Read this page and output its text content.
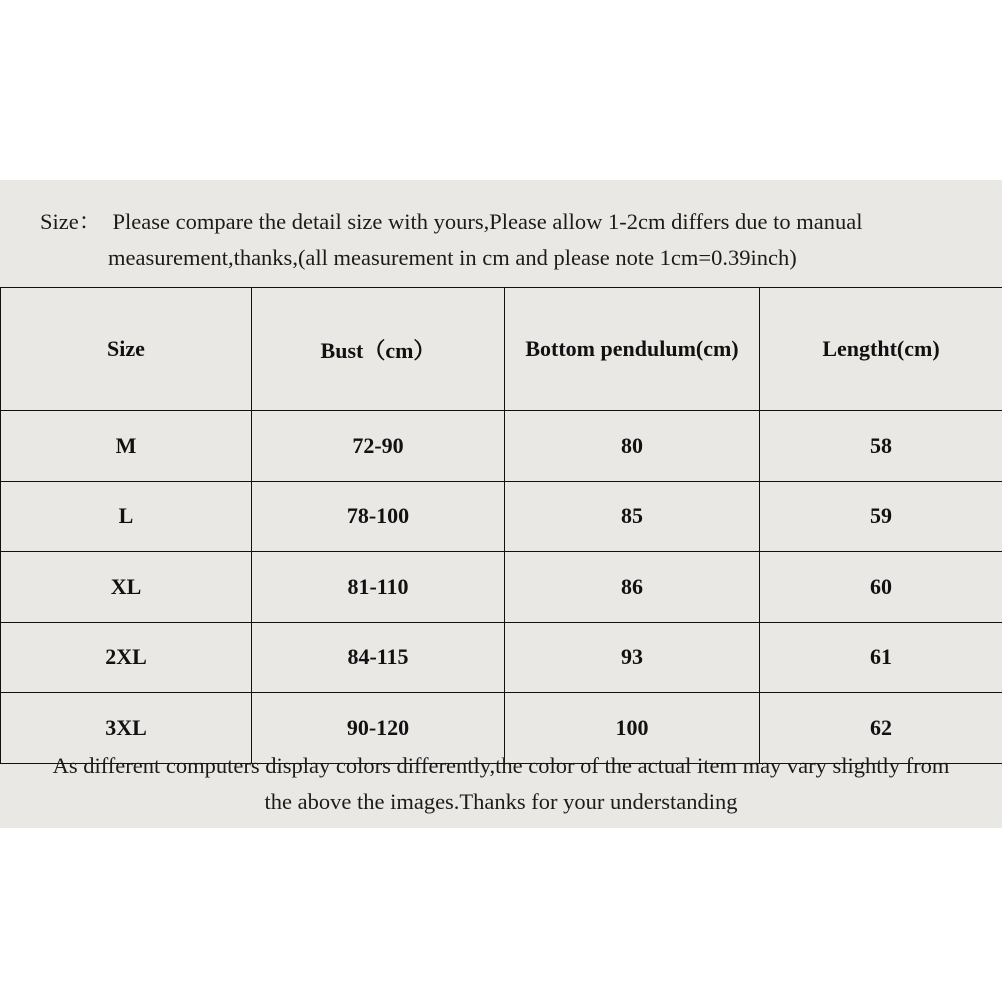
Size： Please compare the detail size with yours,Please allow 1-2cm differs due to manual
measurement,thanks,(all measurement in cm and please note 1cm=0.39inch)
Size	Bust（cm）	Bottom pendulum(cm)	Lengtht(cm)
M	72-90	80	58
L	78-100	85	59
XL	81-110	86	60
2XL	84-115	93	61
3XL	90-120	100	62
As different computers display colors differently,the color of the actual item may vary slightly from
the above the images.Thanks for your understanding
